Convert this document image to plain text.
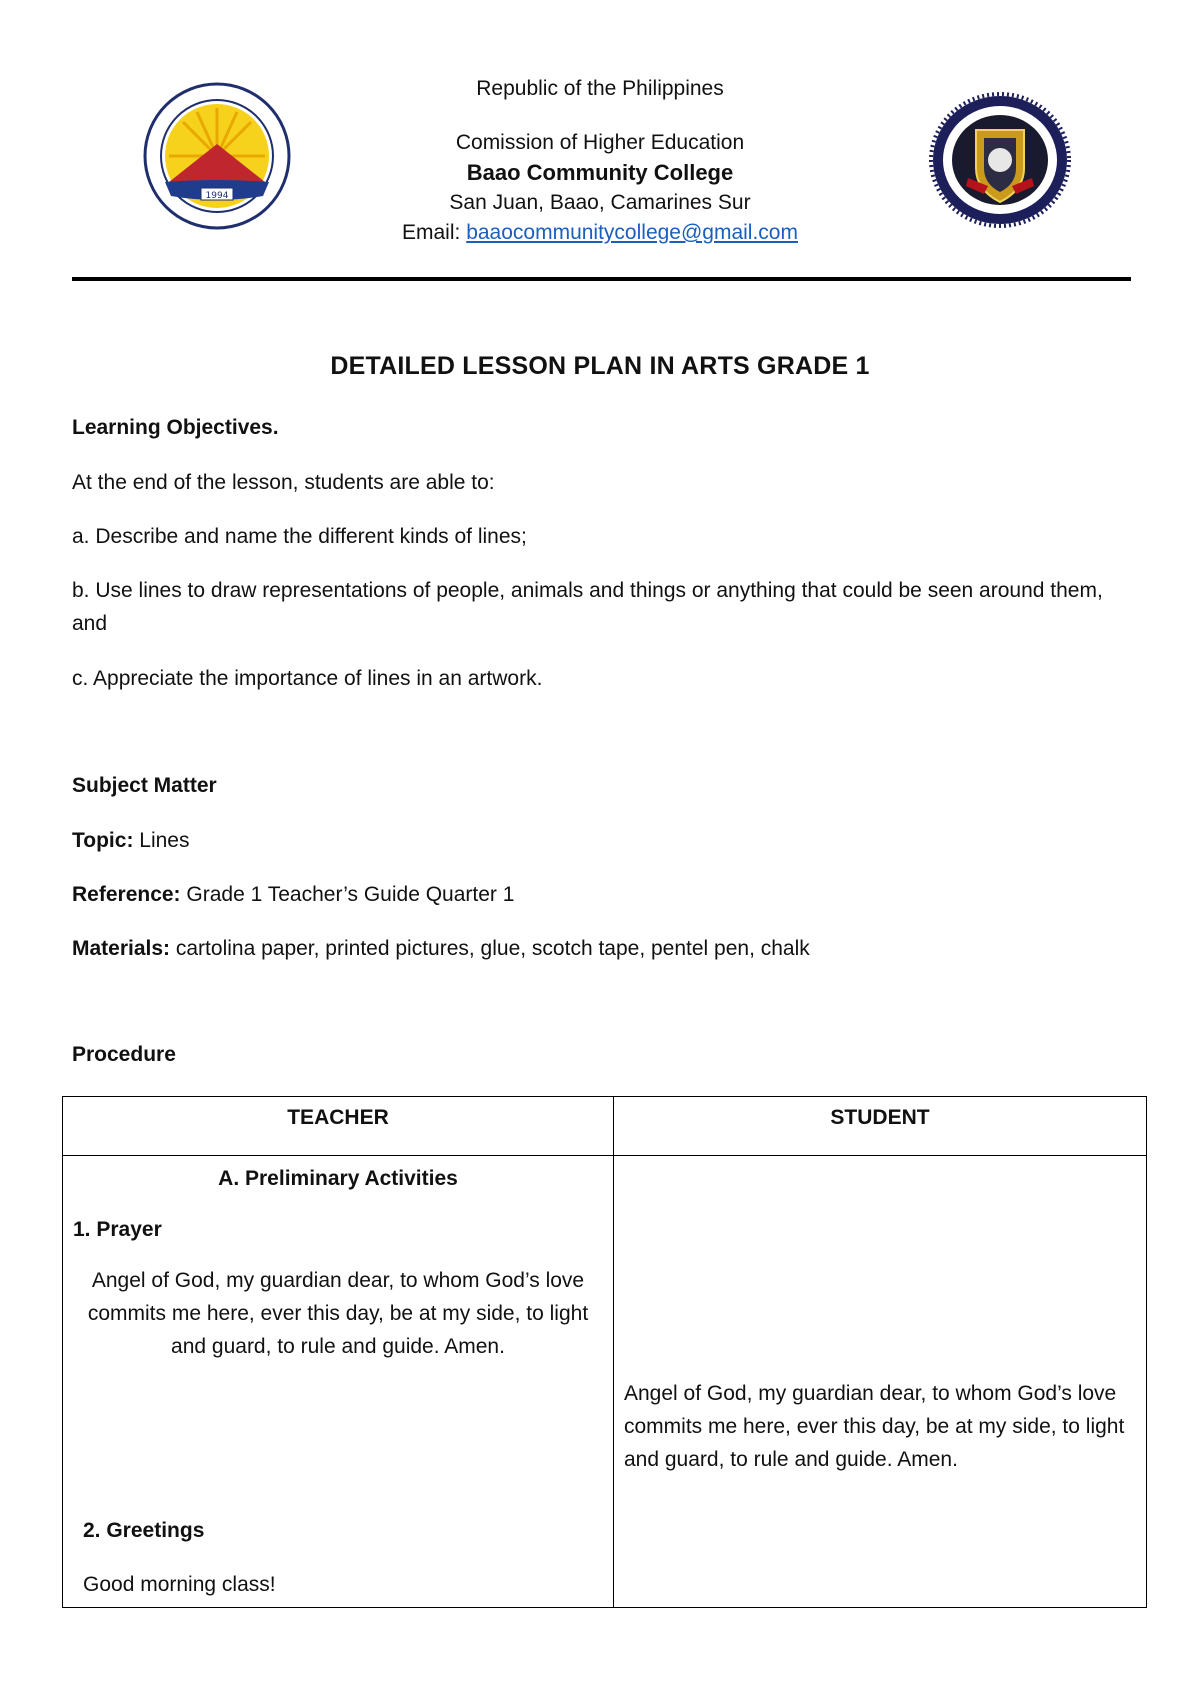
1994
Republic of the Philippines
Comission of Higher Education
Baao Community College
San Juan, Baao, Camarines Sur
Email: baaocommunitycollege@gmail.com
DETAILED LESSON PLAN IN ARTS GRADE 1
Learning Objectives.
At the end of the lesson, students are able to:
a. Describe and name the different kinds of lines;
b. Use lines to draw representations of people, animals and things or anything that could be seen around them, and
c. Appreciate the importance of lines in an artwork.
Subject Matter
Topic: Lines
Reference: Grade 1 Teacher’s Guide Quarter 1
Materials: cartolina paper, printed pictures, glue, scotch tape, pentel pen, chalk
Procedure
TEACHER	STUDENT

A. Preliminary Activities
1. Prayer
Angel of God, my guardian dear, to whom God’s love commits me here, ever this day, be at my side, to light and guard, to rule and guide. Amen.
2. Greetings
Good morning class!	Angel of God, my guardian dear, to whom God’s love commits me here, ever this day, be at my side, to light and guard, to rule and guide. Amen.
